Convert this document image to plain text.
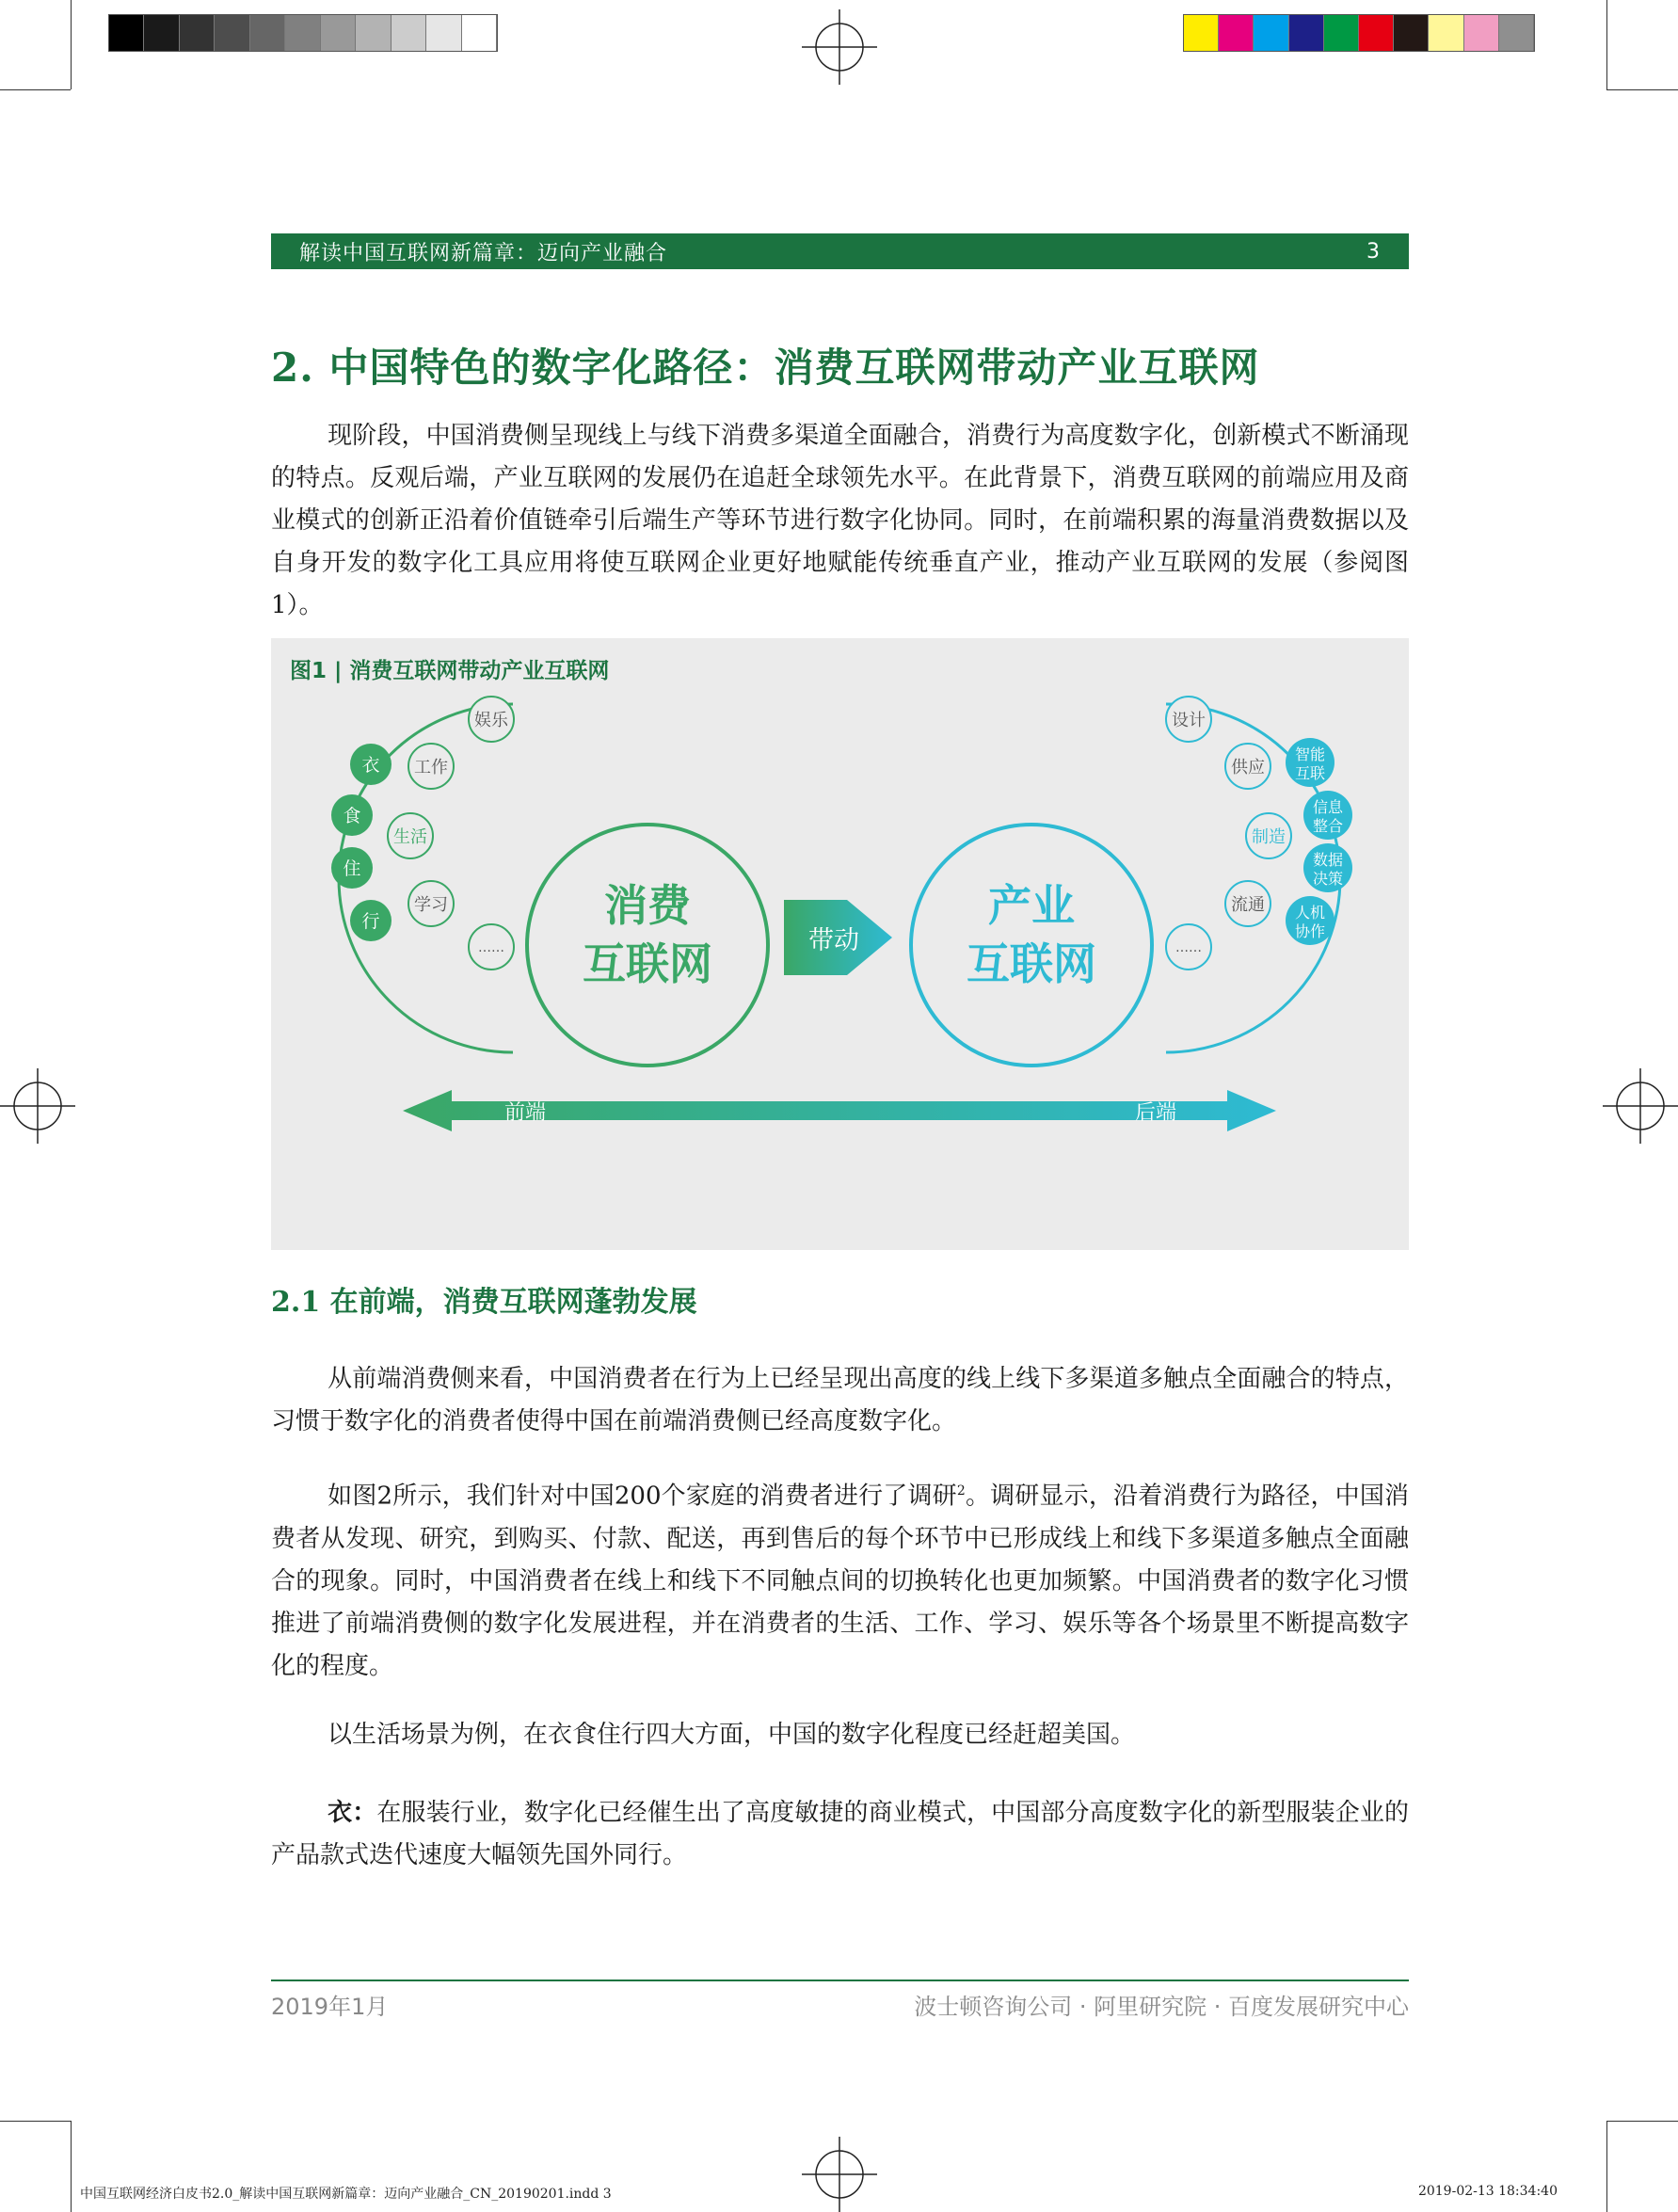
解读中国互联网新篇章：迈向产业融合	3
2. 中国特色的数字化路径：消费互联网带动产业互联网

现阶段，中国消费侧呈现线上与线下消费多渠道全面融合，消费行为高度数字化，创新模式不断涌现的特点。反观后端，产业互联网的发展仍在追赶全球领先水平。在此背景下，消费互联网的前端应用及商业模式的创新正沿着价值链牵引后端生产等环节进行数字化协同。同时，在前端积累的海量消费数据以及自身开发的数字化工具应用将使互联网企业更好地赋能传统垂直产业，推动产业互联网的发展（参阅图1）。

图1 | 消费互联网带动产业互联网
消费
互联网
产业
互联网
带动
娱乐
工作
生活
学习
……
衣
食
住
行
设计
供应
制造
流通
……
智能
互联
信息
整合
数据
决策
人机
协作
前端	后端
2.1 在前端，消费互联网蓬勃发展

从前端消费侧来看，中国消费者在行为上已经呈现出高度的线上线下多渠道多触点全面融合的特点，习惯于数字化的消费者使得中国在前端消费侧已经高度数字化。

如图2所示，我们针对中国200个家庭的消费者进行了调研$^2$。调研显示，沿着消费行为路径，中国消费者从发现、研究，到购买、付款、配送，再到售后的每个环节中已形成线上和线下多渠道多触点全面融合的现象。同时，中国消费者在线上和线下不同触点间的切换转化也更加频繁。中国消费者的数字化习惯推进了前端消费侧的数字化发展进程，并在消费者的生活、工作、学习、娱乐等各个场景里不断提高数字化的程度。

以生活场景为例，在衣食住行四大方面，中国的数字化程度已经赶超美国。

衣：在服装行业，数字化已经催生出了高度敏捷的商业模式，中国部分高度数字化的新型服装企业的产品款式迭代速度大幅领先国外同行。

2019年1月	波士顿咨询公司 · 阿里研究院 · 百度发展研究中心
中国互联网经济白皮书2.0_解读中国互联网新篇章：迈向产业融合_CN_20190201.indd 3	2019-02-13 18:34:40
